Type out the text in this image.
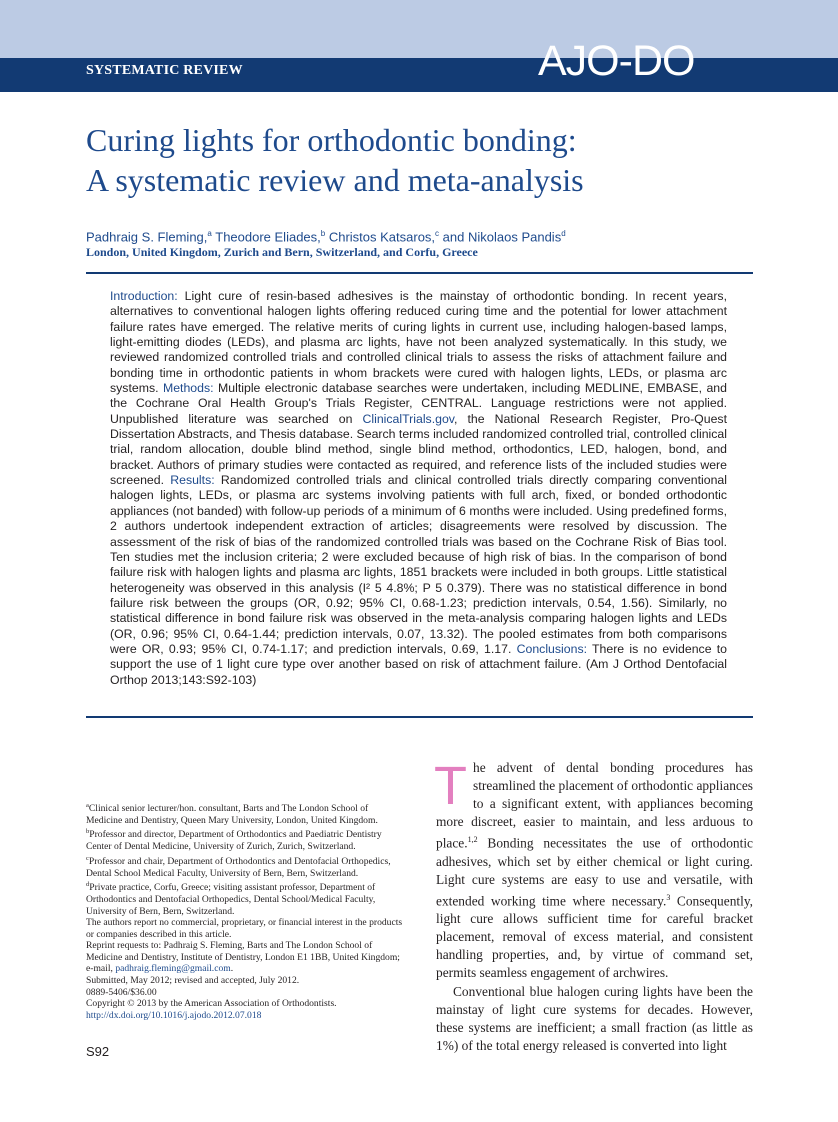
SYSTEMATIC REVIEW	AJO-DO
Curing lights for orthodontic bonding:
A systematic review and meta-analysis
Padhraig S. Fleming,$^a$ Theodore Eliades,$^b$ Christos Katsaros,$^c$ and Nikolaos Pandis$^d$
London, United Kingdom, Zurich and Bern, Switzerland, and Corfu, Greece

Introduction: Light cure of resin-based adhesives is the mainstay of orthodontic bonding. In recent years, alternatives to conventional halogen lights offering reduced curing time and the potential for lower attachment failure rates have emerged. The relative merits of curing lights in current use, including halogen-based lamps, light-emitting diodes (LEDs), and plasma arc lights, have not been analyzed systematically. In this study, we reviewed randomized controlled trials and controlled clinical trials to assess the risks of attachment failure and bonding time in orthodontic patients in whom brackets were cured with halogen lights, LEDs, or plasma arc systems. Methods: Multiple electronic database searches were undertaken, including MEDLINE, EMBASE, and the Cochrane Oral Health Group's Trials Register, CENTRAL. Language restrictions were not applied. Unpublished literature was searched on ClinicalTrials.gov, the National Research Register, Pro-Quest Dissertation Abstracts, and Thesis database. Search terms included randomized controlled trial, controlled clinical trial, random allocation, double blind method, single blind method, orthodontics, LED, halogen, bond, and bracket. Authors of primary studies were contacted as required, and reference lists of the included studies were screened. Results: Randomized controlled trials and clinical controlled trials directly comparing conventional halogen lights, LEDs, or plasma arc systems involving patients with full arch, fixed, or bonded orthodontic appliances (not banded) with follow-up periods of a minimum of 6 months were included. Using predefined forms, 2 authors undertook independent extraction of articles; disagreements were resolved by discussion. The assessment of the risk of bias of the randomized controlled trials was based on the Cochrane Risk of Bias tool. Ten studies met the inclusion criteria; 2 were excluded because of high risk of bias. In the comparison of bond failure risk with halogen lights and plasma arc lights, 1851 brackets were included in both groups. Little statistical heterogeneity was observed in this analysis (I² 5 4.8%; P 5 0.379). There was no statistical difference in bond failure risk between the groups (OR, 0.92; 95% CI, 0.68-1.23; prediction intervals, 0.54, 1.56). Similarly, no statistical difference in bond failure risk was observed in the meta-analysis comparing halogen lights and LEDs (OR, 0.96; 95% CI, 0.64-1.44; prediction intervals, 0.07, 13.32). The pooled estimates from both comparisons were OR, 0.93; 95% CI, 0.74-1.17; and prediction intervals, 0.69, 1.17. Conclusions: There is no evidence to support the use of 1 light cure type over another based on risk of attachment failure. (Am J Orthod Dentofacial Orthop 2013;143:S92-103)

$^a$Clinical senior lecturer/hon. consultant, Barts and The London School of Medicine and Dentistry, Queen Mary University, London, United Kingdom.

$^b$Professor and director, Department of Orthodontics and Paediatric Dentistry Center of Dental Medicine, University of Zurich, Zurich, Switzerland.

$^c$Professor and chair, Department of Orthodontics and Dentofacial Orthopedics, Dental School Medical Faculty, University of Bern, Bern, Switzerland.

$^d$Private practice, Corfu, Greece; visiting assistant professor, Department of Orthodontics and Dentofacial Orthopedics, Dental School/Medical Faculty, University of Bern, Bern, Switzerland.

The authors report no commercial, proprietary, or financial interest in the products or companies described in this article.

Reprint requests to: Padhraig S. Fleming, Barts and The London School of Medicine and Dentistry, Institute of Dentistry, London E1 1BB, United Kingdom; e-mail, padhraig.fleming@gmail.com.

Submitted, May 2012; revised and accepted, July 2012.

0889-5406/$36.00

Copyright © 2013 by the American Association of Orthodontists.

http://dx.doi.org/10.1016/j.ajodo.2012.07.018

S92

The advent of dental bonding procedures has streamlined the placement of orthodontic appliances to a significant extent, with appliances becoming more discreet, easier to maintain, and less arduous to place.$^{1,2}$ Bonding necessitates the use of orthodontic adhesives, which set by either chemical or light curing. Light cure systems are easy to use and versatile, with extended working time where necessary.$^3$ Consequently, light cure allows sufficient time for careful bracket placement, removal of excess material, and consistent handling properties, and, by virtue of command set, permits seamless engagement of archwires.

Conventional blue halogen curing lights have been the mainstay of light cure systems for decades. However, these systems are inefficient; a small fraction (as little as 1%) of the total energy released is converted into light
